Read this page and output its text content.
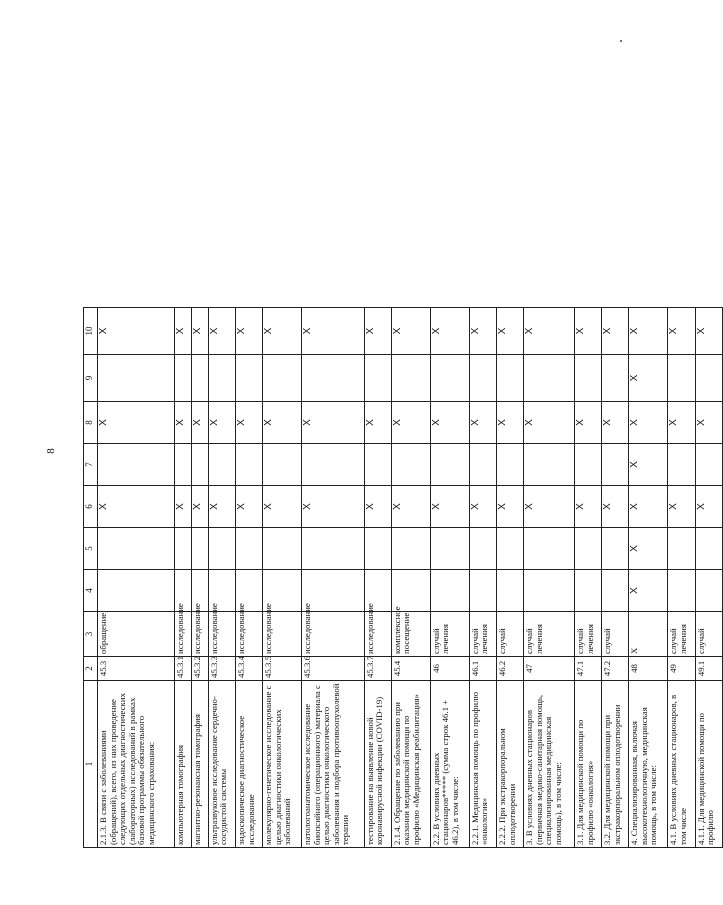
8
1	2	3	4	5	6	7	8	9	10
2.1.3. В связи с заболеваниями (обращений), всего, из них проведение следующих отдельных диагностических (лабораторных) исследований в рамках базовой программы обязательного медицинского страхования:	45.3	обращение			X		X		X
компьютерная томография	45.3.1	исследование			X		X		X
магнитно-резонансная томография	45.3.2	исследование			X		X		X
ультразвуковое исследование сердечно-сосудистой системы	45.3.3	исследование			X		X		X
эндоскопическое диагностическое исследование	45.3.4	исследование			X		X		X
молекулярно-генетическое исследование с целью диагностики онкологических заболеваний	45.3.5	исследование			X		X		X
патологоанатомическое исследование биопсийного (операционного) материала с целью диагностики онкологического заболевания и подбора противоопухолевой терапии	45.3.6	исследование			X		X		X
тестирование на выявление новой коронавирусной инфекции (COVID-19)	45.3.7	исследование			X		X		X
2.1.4. Обращение по заболеванию при оказании медицинской помощи по профилю «Медицинская реабилитация»	45.4	комплексное посещение			X		X		X
2.2. В условиях дневных стационаров***** (сумма строк 46.1 + 46.2), в том числе:	46	случай лечения			X		X		X
2.2.1. Медицинская помощь по профилю «онкология»	46.1	случай лечения			X		X		X
2.2.2. При экстракорпоральном оплодотворении	46.2	случай			X		X		X
3. В условиях дневных стационаров (первичная медико-санитарная помощь, специализированная медицинская помощь), в том числе:	47	случай лечения			X		X		X
3.1. Для медицинской помощи по профилю «онкология»	47.1	случай лечения			X		X		X
3.2. Для медицинской помощи при экстракорпоральном оплодотворении	47.2	случай			X		X		X
4. Специализированная, включая высокотехнологичную, медицинская помощь, в том числе:	48	X	X	X	X	X	X	X	X
4.1. В условиях дневных стационаров, в том числе	49	случай лечения			X		X		X
4.1.1. Для медицинской помощи по профилю	49.1	случай			X		X		X
